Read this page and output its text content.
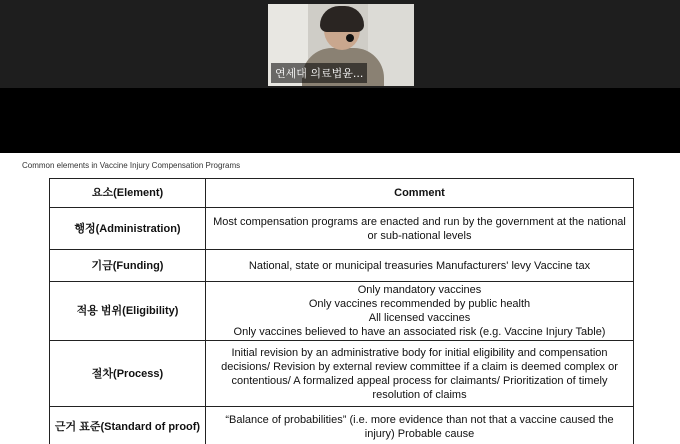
연세대 의료법윤...
Common elements in Vaccine Injury Compensation Programs
요소(Element)	Comment
행정(Administration)	Most compensation programs are enacted and run by the government at the national or sub-national levels
기금(Funding)	National, state or municipal treasuries Manufacturers' levy Vaccine tax
적용 범위(Eligibility)	Only mandatory vaccines
Only vaccines recommended by public health
All licensed vaccines
Only vaccines believed to have an associated risk (e.g. Vaccine Injury Table)

절차(Process)	Initial revision by an administrative body for initial eligibility and compensation decisions/ Revision by external review committee if a claim is deemed complex or contentious/ A formalized appeal process for claimants/ Prioritization of timely resolution of claims
근거 표준(Standard of proof)	“Balance of probabilities” (i.e. more evidence than not that a vaccine caused the injury) Probable cause
